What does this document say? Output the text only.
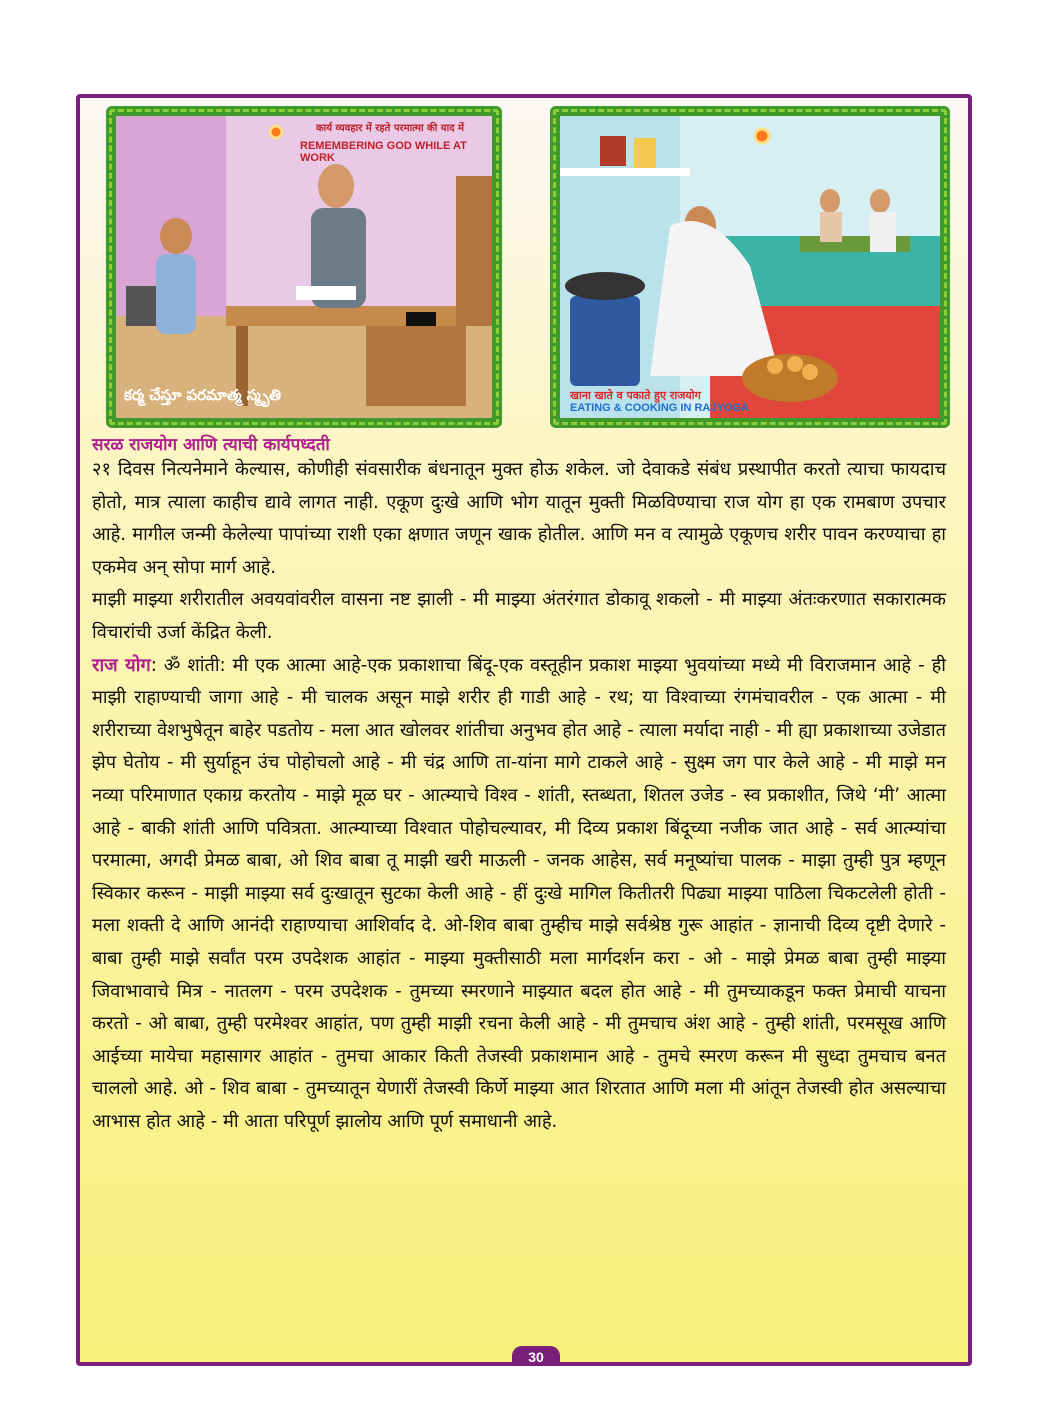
कार्य व्यवहार में रहते परमात्मा की याद में
REMEMBERING GOD WHILE AT WORK
కర్మ చేస్తూ పరమాత్మ స్మృతి	खाना खाते व पकाते हुए राजयोग
EATING & COOKING IN RAJYOGA
सरळ राजयोग आणि त्याची कार्यपध्दती

२१ दिवस नित्यनेमाने केल्यास, कोणीही संवसारीक बंधनातून मुक्त होऊ शकेल. जो देवाकडे संबंध प्रस्थापीत करतो त्याचा फायदाच होतो, मात्र त्याला काहीच द्यावे लागत नाही. एकूण दुःखे आणि भोग यातून मुक्ती मिळविण्याचा राज योग हा एक रामबाण उपचार आहे. मागील जन्मी केलेल्या पापांच्या राशी एका क्षणात जणून खाक होतील. आणि मन व त्यामुळे एकूणच शरीर पावन करण्याचा हा एकमेव अन् सोपा मार्ग आहे.

माझी माझ्या शरीरातील अवयवांवरील वासना नष्ट झाली - मी माझ्या अंतरंगात डोकावू शकलो - मी माझ्या अंतःकरणात सकारात्मक विचारांची उर्जा केंद्रित केली.

राज योग: ॐ शांती: मी एक आत्मा आहे-एक प्रकाशाचा बिंदू-एक वस्तूहीन प्रकाश माझ्या भुवयांच्या मध्ये मी विराजमान आहे - ही माझी राहाण्याची जागा आहे - मी चालक असून माझे शरीर ही गाडी आहे - रथ; या विश्वाच्या रंगमंचावरील - एक आत्मा - मी शरीराच्या वेशभुषेतून बाहेर पडतोय - मला आत खोलवर शांतीचा अनुभव होत आहे - त्याला मर्यादा नाही - मी ह्या प्रकाशाच्या उजेडात झेप घेतोय - मी सुर्याहून उंच पोहोचलो आहे - मी चंद्र आणि ता-यांना मागे टाकले आहे - सुक्ष्म जग पार केले आहे - मी माझे मन नव्या परिमाणात एकाग्र करतोय - माझे मूळ घर - आत्म्याचे विश्व - शांती, स्तब्धता, शितल उजेड - स्व प्रकाशीत, जिथे ‘मी’ आत्मा आहे - बाकी शांती आणि पवित्रता. आत्म्याच्या विश्वात पोहोचल्यावर, मी दिव्य प्रकाश बिंदूच्या नजीक जात आहे - सर्व आत्म्यांचा परमात्मा, अगदी प्रेमळ बाबा, ओ शिव बाबा तू माझी खरी माऊली - जनक आहेस, सर्व मनूष्यांचा पालक - माझा तुम्ही पुत्र म्हणून स्विकार करून - माझी माझ्या सर्व दुःखातून सुटका केली आहे - हीं दुःखे मागिल कितीतरी पिढ्या माझ्या पाठिला चिकटलेली होती - मला शक्ती दे आणि आनंदी राहाण्याचा आशिर्वाद दे. ओ-शिव बाबा तुम्हीच माझे सर्वश्रेष्ठ गुरू आहांत - ज्ञानाची दिव्य दृष्टी देणारे - बाबा तुम्ही माझे सर्वांत परम उपदेशक आहांत - माझ्या मुक्तीसाठी मला मार्गदर्शन करा - ओ - माझे प्रेमळ बाबा तुम्ही माझ्या जिवाभावाचे मित्र - नातलग - परम उपदेशक - तुमच्या स्मरणाने माझ्यात बदल होत आहे - मी तुमच्याकडून फक्त प्रेमाची याचना करतो - ओ बाबा, तुम्ही परमेश्वर आहांत, पण तुम्ही माझी रचना केली आहे - मी तुमचाच अंश आहे - तुम्ही शांती, परमसूख आणि आईच्या मायेचा महासागर आहांत - तुमचा आकार किती तेजस्वी प्रकाशमान आहे - तुमचे स्मरण करून मी सुध्दा तुमचाच बनत चाललो आहे. ओ - शिव बाबा - तुमच्यातून येणारीं तेजस्वी किर्णे माझ्या आत शिरतात आणि मला मी आंतून तेजस्वी होत असल्याचा आभास होत आहे - मी आता परिपूर्ण झालोय आणि पूर्ण समाधानी आहे.

30
